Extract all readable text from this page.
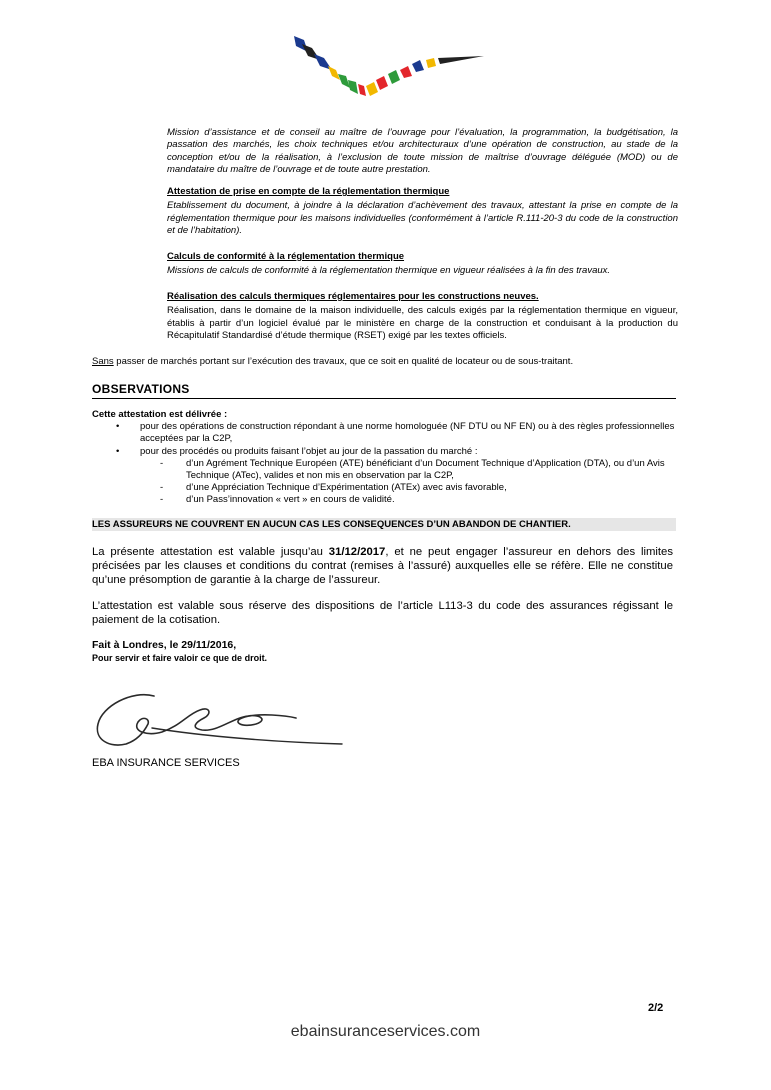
Mission d’assistance et de conseil au maître de l’ouvrage pour l’évaluation, la programmation, la budgétisation, la passation des marchés, les choix techniques et/ou architecturaux d’une opération de construction, au stade de la conception et/ou de la réalisation, à l’exclusion de toute mission de maîtrise d’ouvrage déléguée (MOD) ou de mandataire du maître de l’ouvrage et de toute autre prestation.
Attestation de prise en compte de la réglementation thermique
Etablissement du document, à joindre à la déclaration d’achèvement des travaux, attestant la prise en compte de la réglementation thermique pour les maisons individuelles (conformément à l’article R.111-20-3 du code de la construction et de l’habitation).
Calculs de conformité à la réglementation thermique
Missions de calculs de conformité à la réglementation thermique en vigueur réalisées à la fin des travaux.
Réalisation des calculs thermiques réglementaires pour les constructions neuves.
Réalisation, dans le domaine de la maison individuelle, des calculs exigés par la réglementation thermique en vigueur, établis à partir d’un logiciel évalué par le ministère en charge de la construction et conduisant à la production du Récapitulatif Standardisé d’étude thermique (RSET) exigé par les textes officiels.
Sans passer de marchés portant sur l’exécution des travaux, que ce soit en qualité de locateur ou de sous-traitant.
OBSERVATIONS
Cette attestation est délivrée :
• pour des opérations de construction répondant à une norme homologuée (NF DTU ou NF EN) ou à des règles professionnelles acceptées par la C2P,
• pour des procédés ou produits faisant l’objet au jour de la passation du marché :
- d’un Agrément Technique Européen (ATE) bénéficiant d’un Document Technique d’Application (DTA), ou d’un Avis Technique (ATec), valides et non mis en observation par la C2P,
- d’une Appréciation Technique d’Expérimentation (ATEx) avec avis favorable,
- d’un Pass’innovation « vert » en cours de validité.
LES ASSUREURS NE COUVRENT EN AUCUN CAS LES CONSEQUENCES D’UN ABANDON DE CHANTIER.
La présente attestation est valable jusqu’au 31/12/2017, et ne peut engager l’assureur en dehors des limites précisées par les clauses et conditions du contrat (remises à l’assuré) auxquelles elle se réfère. Elle ne constitue qu’une présomption de garantie à la charge de l’assureur.
L’attestation est valable sous réserve des dispositions de l’article L113-3 du code des assurances régissant le paiement de la cotisation.
Fait à Londres, le 29/11/2016,
Pour servir et faire valoir ce que de droit.
EBA INSURANCE SERVICES
2/2
ebainsuranceservices.com
